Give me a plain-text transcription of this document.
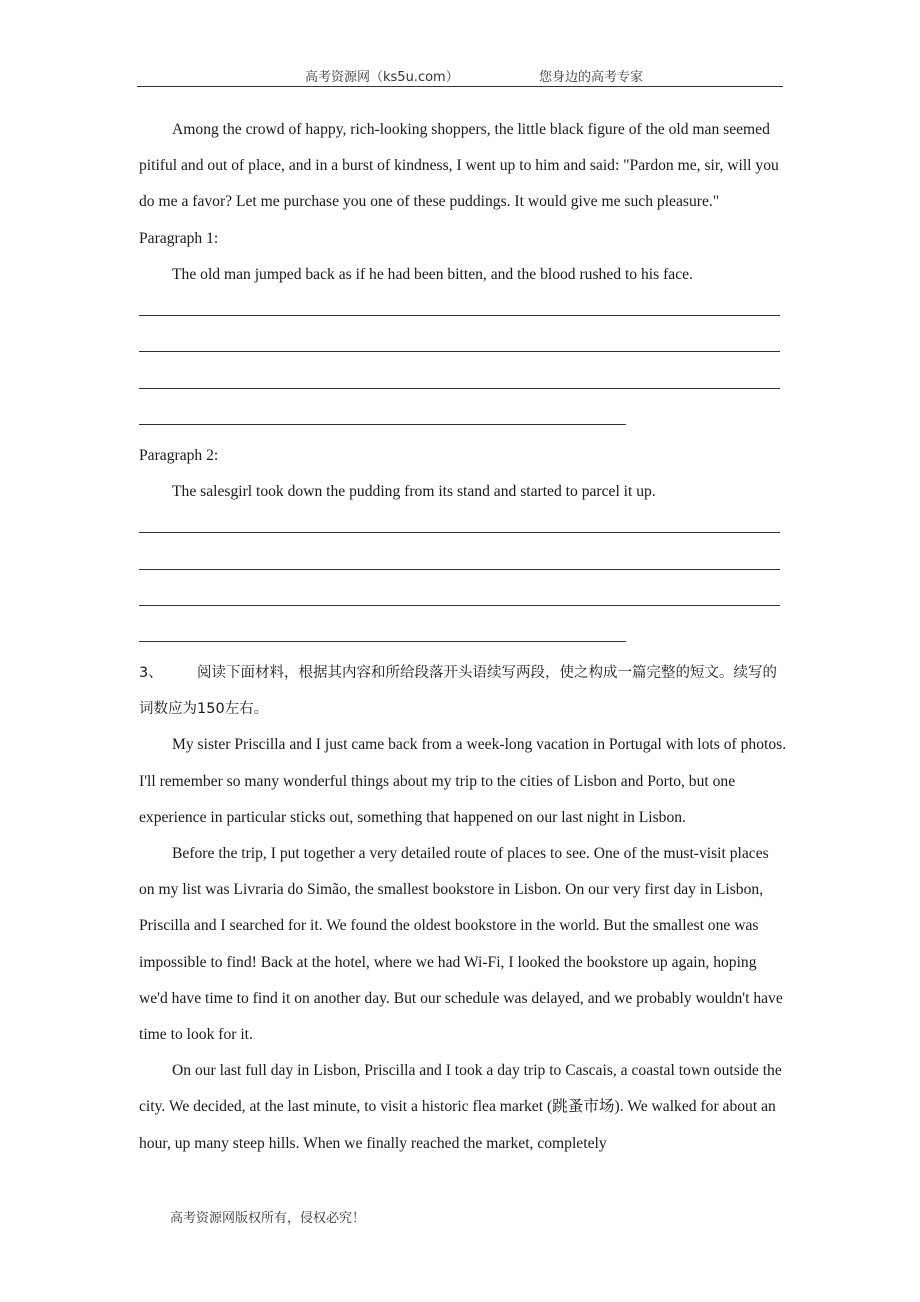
高考资源网（ks5u.com）	您身边的高考专家

Among the crowd of happy, rich-looking shoppers, the little black figure of the old man seemed pitiful and out of place, and in a burst of kindness, I went up to him and said: "Pardon me, sir, will you do me a favor? Let me purchase you one of these puddings. It would give me such pleasure."

Paragraph 1:

The old man jumped back as if he had been bitten, and the blood rushed to his face.

Paragraph 2:

The salesgirl took down the pudding from its stand and started to parcel it up.

3、 阅读下面材料，根据其内容和所给段落开头语续写两段，使之构成一篇完整的短文。续写的词数应为150左右。

My sister Priscilla and I just came back from a week-long vacation in Portugal with lots of photos. I'll remember so many wonderful things about my trip to the cities of Lisbon and Porto, but one experience in particular sticks out, something that happened on our last night in Lisbon.

Before the trip, I put together a very detailed route of places to see. One of the must-visit places on my list was Livraria do Simão, the smallest bookstore in Lisbon. On our very first day in Lisbon, Priscilla and I searched for it. We found the oldest bookstore in the world. But the smallest one was impossible to find! Back at the hotel, where we had Wi-Fi, I looked the bookstore up again, hoping we'd have time to find it on another day. But our schedule was delayed, and we probably wouldn't have time to look for it.

On our last full day in Lisbon, Priscilla and I took a day trip to Cascais, a coastal town outside the city. We decided, at the last minute, to visit a historic flea market (跳蚤市场). We walked for about an hour, up many steep hills. When we finally reached the market, completely

高考资源网版权所有，侵权必究！
